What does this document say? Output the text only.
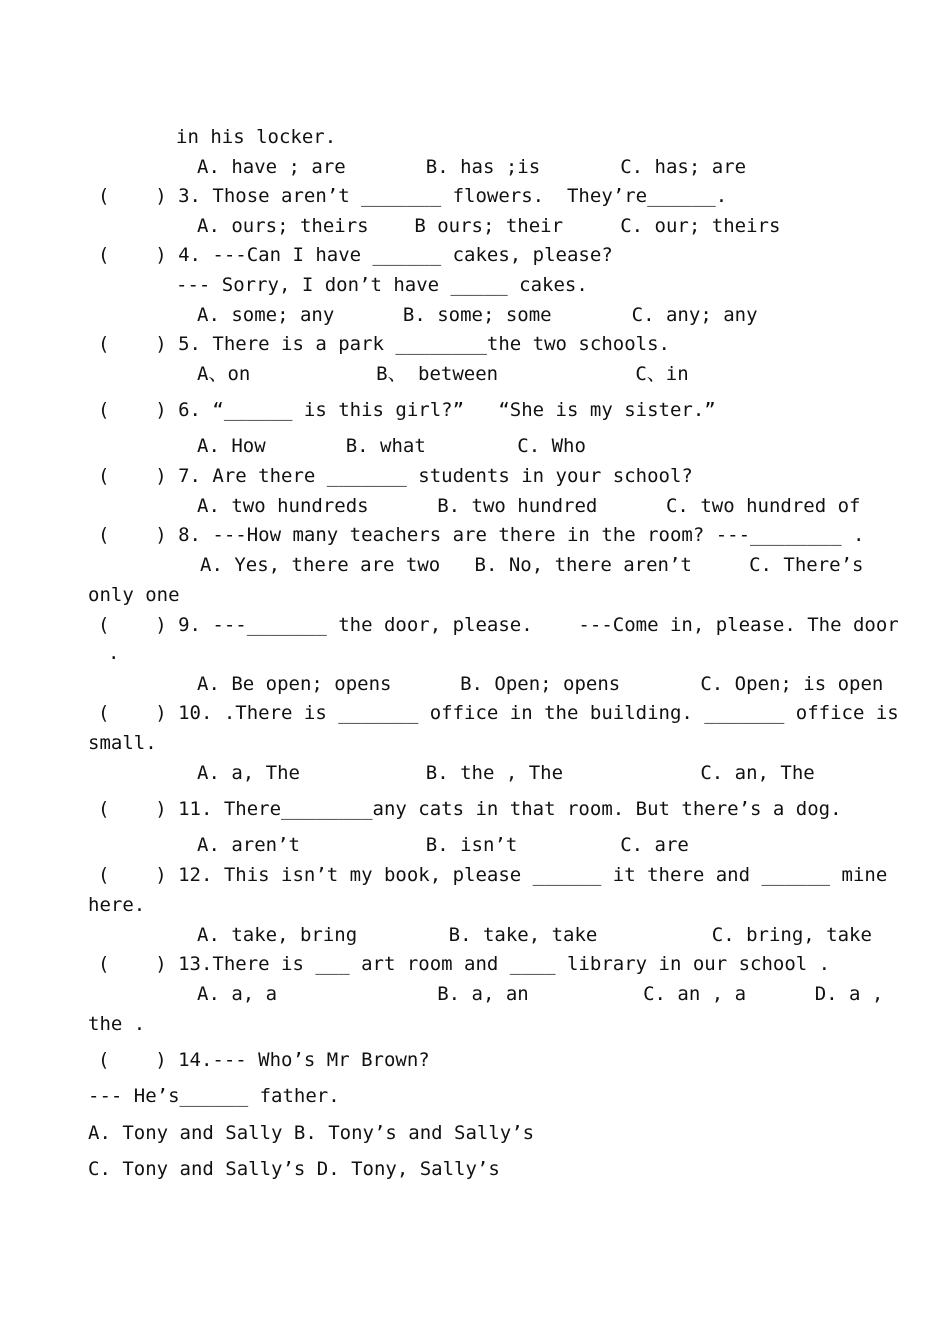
in his locker.
A. have ; are       B. has ;is       C. has; are
(    ) 3. Those aren’t _______ flowers.  They’re______.
A. ours; theirs    B ours; their     C. our; theirs
(    ) 4. ---Can I have ______ cakes, please?
--- Sorry, I don’t have _____ cakes.
A. some; any      B. some; some       C. any; any
(    ) 5. There is a park ________the two schools.
A、on           B、 between            C、in
(    ) 6. “______ is this girl?”   “She is my sister.”
A. How       B. what        C. Who
(    ) 7. Are there _______ students in your school?
A. two hundreds      B. two hundred      C. two hundred of
(    ) 8. ---How many teachers are there in the room? ---________ .
A. Yes, there are two   B. No, there aren’t     C. There’s
only one
(    ) 9. ---_______ the door, please.    ---Come in, please. The door
.
A. Be open; opens      B. Open; opens       C. Open; is open
(    ) 10. .There is _______ office in the building. _______ office is
small.
A. a, The           B. the , The            C. an, The
(    ) 11. There________any cats in that room. But there’s a dog.
A. aren’t           B. isn’t         C. are
(    ) 12. This isn’t my book, please ______ it there and ______ mine
here.
A. take, bring        B. take, take          C. bring, take
(    ) 13.There is ___ art room and ____ library in our school .
A. a, a              B. a, an          C. an , a      D. a ,
the .
(    ) 14.--- Who’s Mr Brown?
--- He’s______ father.
A. Tony and Sally B. Tony’s and Sally’s
C. Tony and Sally’s D. Tony, Sally’s
